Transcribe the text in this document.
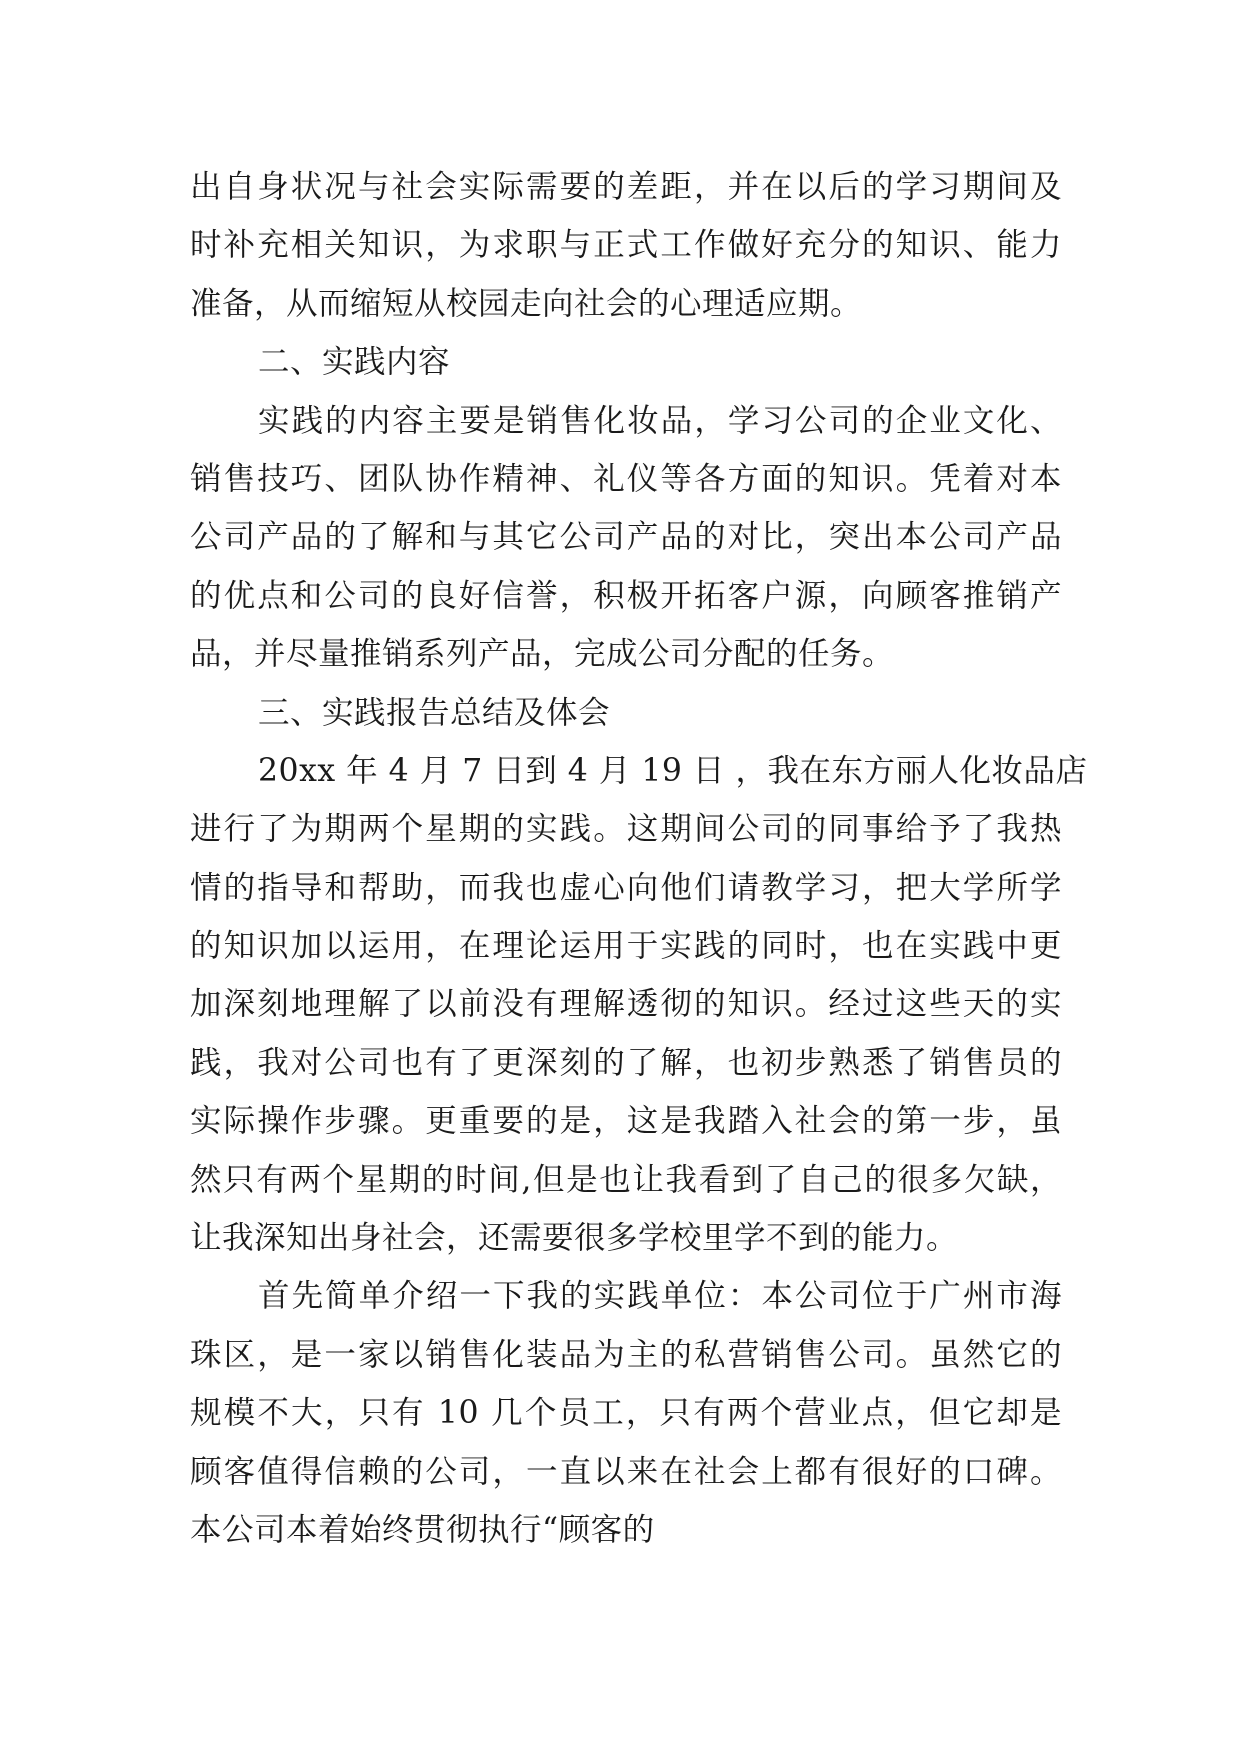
出自身状况与社会实际需要的差距，并在以后的学习期间及
时补充相关知识，为求职与正式工作做好充分的知识、能力
准备，从而缩短从校园走向社会的心理适应期。
二、实践内容
实践的内容主要是销售化妆品，学习公司的企业文化、
销售技巧、团队协作精神、礼仪等各方面的知识。凭着对本
公司产品的了解和与其它公司产品的对比，突出本公司产品
的优点和公司的良好信誉，积极开拓客户源，向顾客推销产
品，并尽量推销系列产品，完成公司分配的任务。
三、实践报告总结及体会
20xx 年 4 月 7 日到 4 月 19 日 ，我在东方丽人化妆品店
进行了为期两个星期的实践。这期间公司的同事给予了我热
情的指导和帮助，而我也虚心向他们请教学习，把大学所学
的知识加以运用，在理论运用于实践的同时，也在实践中更
加深刻地理解了以前没有理解透彻的知识。经过这些天的实
践，我对公司也有了更深刻的了解，也初步熟悉了销售员的
实际操作步骤。更重要的是，这是我踏入社会的第一步，虽
然只有两个星期的时间,但是也让我看到了自己的很多欠缺，
让我深知出身社会，还需要很多学校里学不到的能力。
首先简单介绍一下我的实践单位：本公司位于广州市海
珠区，是一家以销售化装品为主的私营销售公司。虽然它的
规模不大，只有 10 几个员工，只有两个营业点，但它却是
顾客值得信赖的公司，一直以来在社会上都有很好的口碑。
本公司本着始终贯彻执行“顾客的
